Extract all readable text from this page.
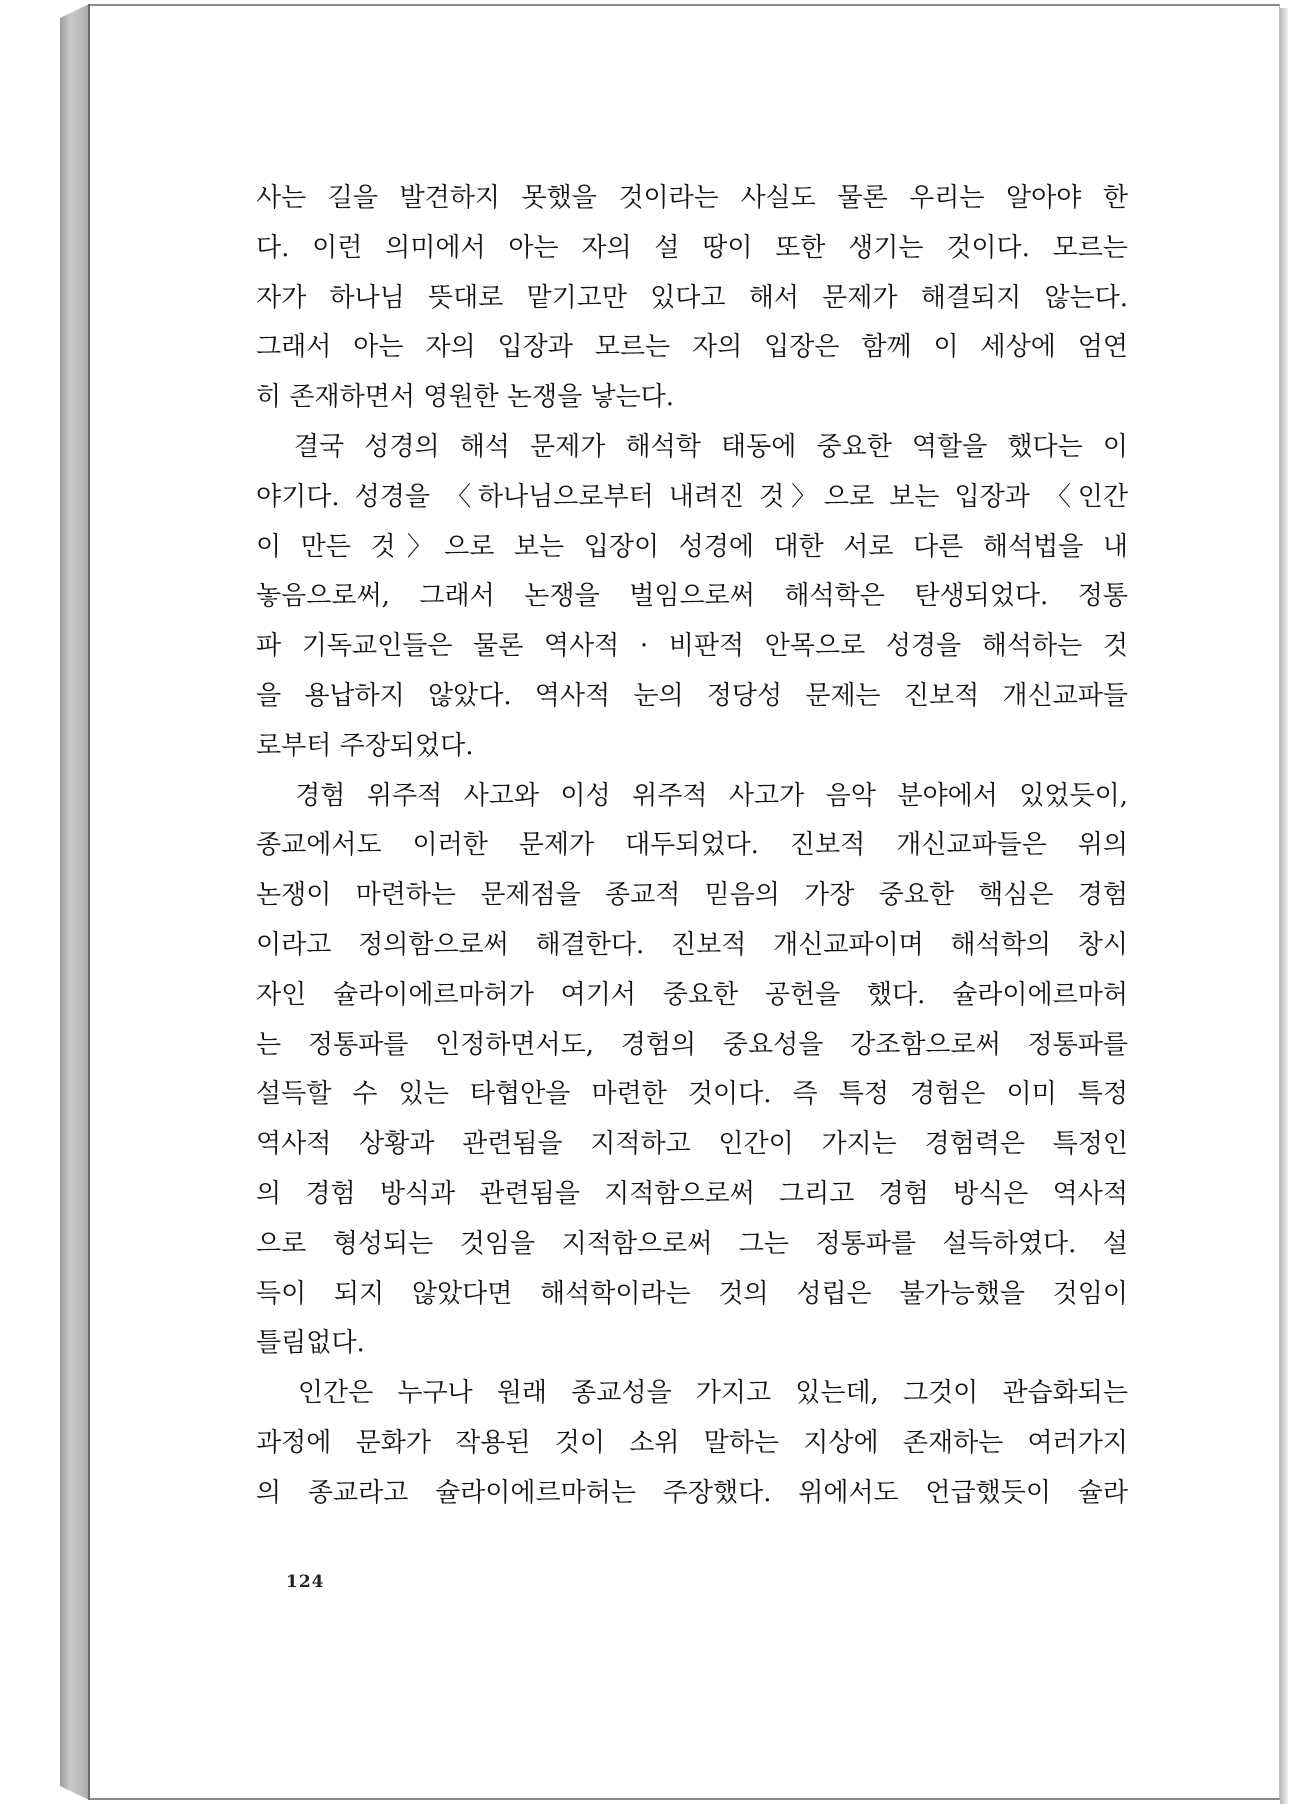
사는 길을 발견하지 못했을 것이라는 사실도 물론 우리는 알아야 한
다. 이런 의미에서 아는 자의 설 땅이 또한 생기는 것이다. 모르는
자가 하나님 뜻대로 맡기고만 있다고 해서 문제가 해결되지 않는다.
그래서 아는 자의 입장과 모르는 자의 입장은 함께 이 세상에 엄연
히 존재하면서 영원한 논쟁을 낳는다.
　결국 성경의 해석 문제가 해석학 태동에 중요한 역할을 했다는 이
야기다. 성경을 〈하나님으로부터 내려진 것〉으로 보는 입장과 〈인간
이 만든 것〉으로 보는 입장이 성경에 대한 서로 다른 해석법을 내
놓음으로써, 그래서 논쟁을 벌임으로써 해석학은 탄생되었다. 정통
파 기독교인들은 물론 역사적 · 비판적 안목으로 성경을 해석하는 것
을 용납하지 않았다. 역사적 눈의 정당성 문제는 진보적 개신교파들
로부터 주장되었다.
　경험 위주적 사고와 이성 위주적 사고가 음악 분야에서 있었듯이,
종교에서도 이러한 문제가 대두되었다. 진보적 개신교파들은 위의
논쟁이 마련하는 문제점을 종교적 믿음의 가장 중요한 핵심은 경험
이라고 정의함으로써 해결한다. 진보적 개신교파이며 해석학의 창시
자인 슐라이에르마허가 여기서 중요한 공헌을 했다. 슐라이에르마허
는 정통파를 인정하면서도, 경험의 중요성을 강조함으로써 정통파를
설득할 수 있는 타협안을 마련한 것이다. 즉 특정 경험은 이미 특정
역사적 상황과 관련됨을 지적하고 인간이 가지는 경험력은 특정인
의 경험 방식과 관련됨을 지적함으로써 그리고 경험 방식은 역사적
으로 형성되는 것임을 지적함으로써 그는 정통파를 설득하였다. 설
득이 되지 않았다면 해석학이라는 것의 성립은 불가능했을 것임이
틀림없다.
　인간은 누구나 원래 종교성을 가지고 있는데, 그것이 관습화되는
과정에 문화가 작용된 것이 소위 말하는 지상에 존재하는 여러가지
의 종교라고 슐라이에르마허는 주장했다. 위에서도 언급했듯이 슐라
124
